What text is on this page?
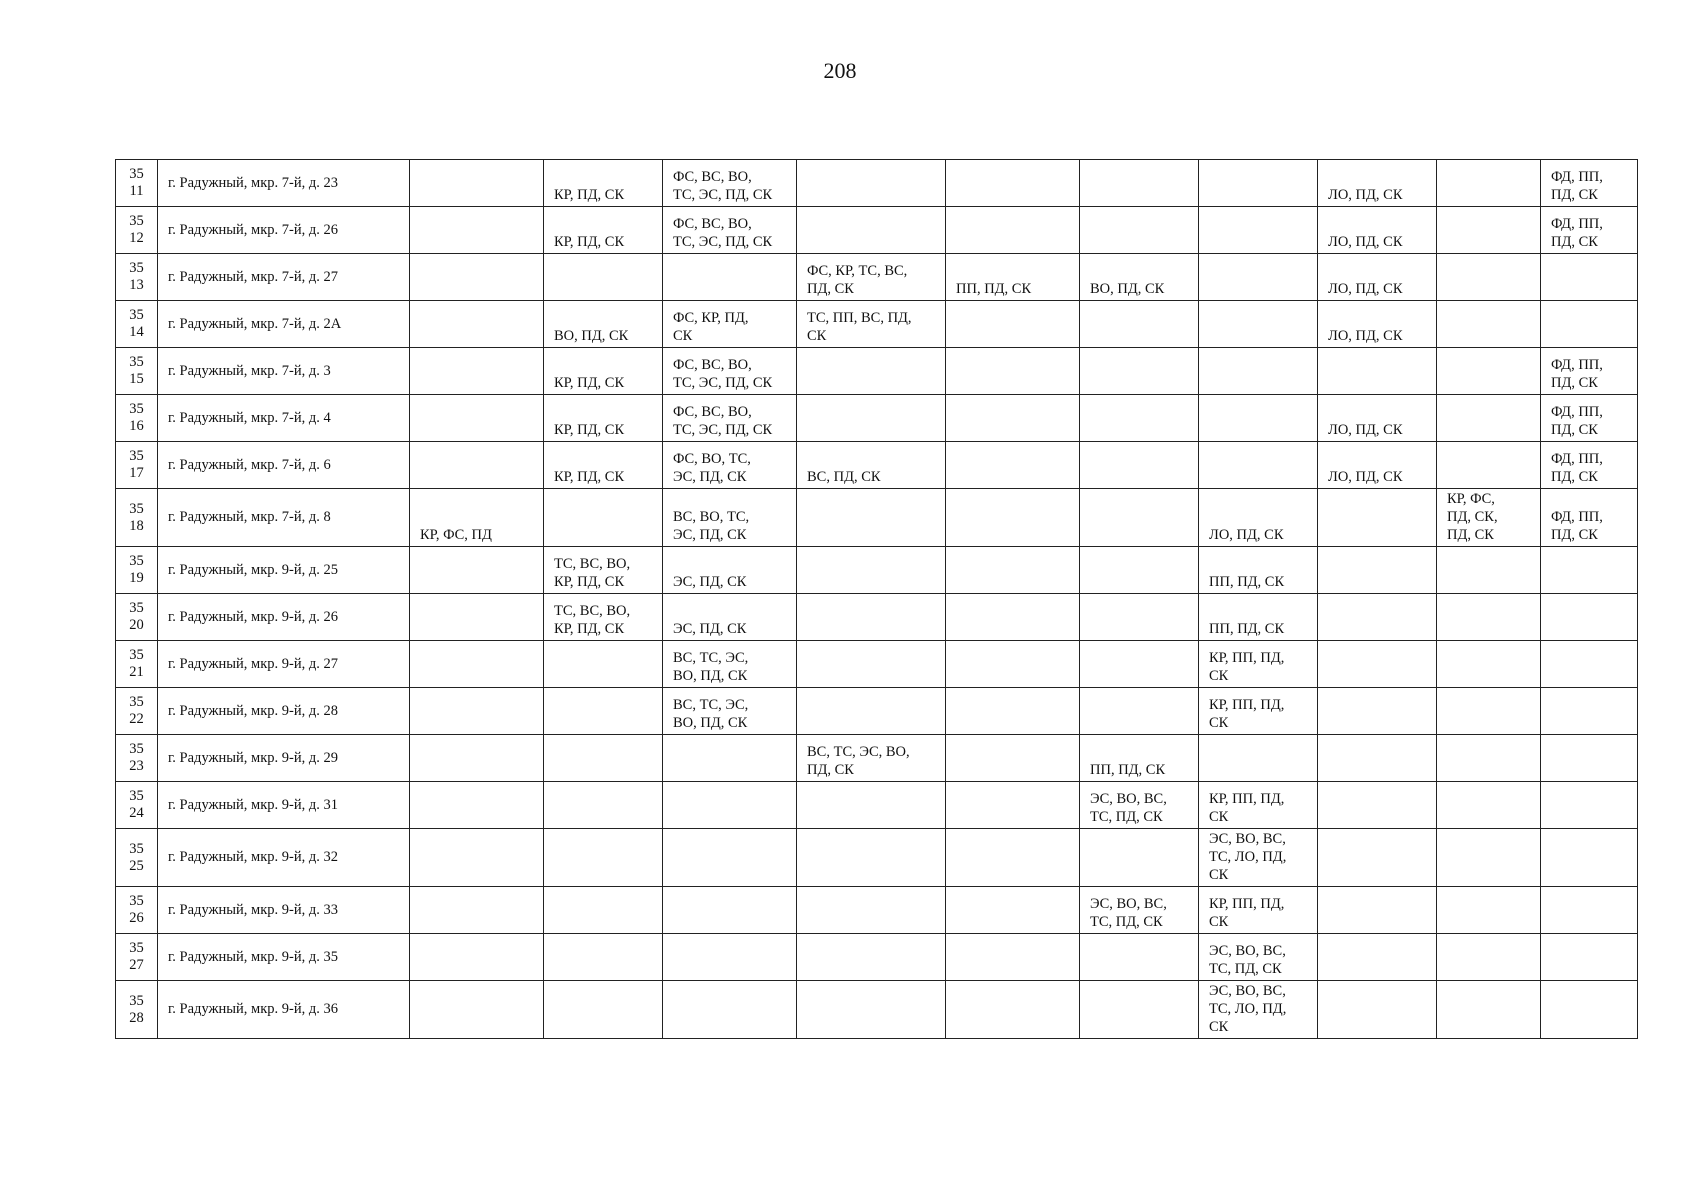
208
35
11	г. Радужный, мкр. 7-й, д. 23		КР, ПД, СК	ФС, ВС, ВО,
ТС, ЭС, ПД, СК					ЛО, ПД, СК		ФД, ПП,
ПД, СК
35
12	г. Радужный, мкр. 7-й, д. 26		КР, ПД, СК	ФС, ВС, ВО,
ТС, ЭС, ПД, СК					ЛО, ПД, СК		ФД, ПП,
ПД, СК
35
13	г. Радужный, мкр. 7-й, д. 27				ФС, КР, ТС, ВС,
ПД, СК	ПП, ПД, СК	ВО, ПД, СК		ЛО, ПД, СК		
35
14	г. Радужный, мкр. 7-й, д. 2А		ВО, ПД, СК	ФС, КР, ПД,
СК	ТС, ПП, ВС, ПД,
СК				ЛО, ПД, СК		
35
15	г. Радужный, мкр. 7-й, д. 3		КР, ПД, СК	ФС, ВС, ВО,
ТС, ЭС, ПД, СК							ФД, ПП,
ПД, СК
35
16	г. Радужный, мкр. 7-й, д. 4		КР, ПД, СК	ФС, ВС, ВО,
ТС, ЭС, ПД, СК					ЛО, ПД, СК		ФД, ПП,
ПД, СК
35
17	г. Радужный, мкр. 7-й, д. 6		КР, ПД, СК	ФС, ВО, ТС,
ЭС, ПД, СК	ВС, ПД, СК				ЛО, ПД, СК		ФД, ПП,
ПД, СК
35
18	г. Радужный, мкр. 7-й, д. 8	КР, ФС, ПД		ВС, ВО, ТС,
ЭС, ПД, СК				ЛО, ПД, СК		КР, ФС,
ПД, СК,
ПД, СК	ФД, ПП,
ПД, СК
35
19	г. Радужный, мкр. 9-й, д. 25		ТС, ВС, ВО,
КР, ПД, СК	ЭС, ПД, СК				ПП, ПД, СК			
35
20	г. Радужный, мкр. 9-й, д. 26		ТС, ВС, ВО,
КР, ПД, СК	ЭС, ПД, СК				ПП, ПД, СК			
35
21	г. Радужный, мкр. 9-й, д. 27			ВС, ТС, ЭС,
ВО, ПД, СК				КР, ПП, ПД,
СК			
35
22	г. Радужный, мкр. 9-й, д. 28			ВС, ТС, ЭС,
ВО, ПД, СК				КР, ПП, ПД,
СК			
35
23	г. Радужный, мкр. 9-й, д. 29				ВС, ТС, ЭС, ВО,
ПД, СК		ПП, ПД, СК				
35
24	г. Радужный, мкр. 9-й, д. 31						ЭС, ВО, ВС,
ТС, ПД, СК	КР, ПП, ПД,
СК			
35
25	г. Радужный, мкр. 9-й, д. 32							ЭС, ВО, ВС,
ТС, ЛО, ПД,
СК			
35
26	г. Радужный, мкр. 9-й, д. 33						ЭС, ВО, ВС,
ТС, ПД, СК	КР, ПП, ПД,
СК			
35
27	г. Радужный, мкр. 9-й, д. 35							ЭС, ВО, ВС,
ТС, ПД, СК			
35
28	г. Радужный, мкр. 9-й, д. 36							ЭС, ВО, ВС,
ТС, ЛО, ПД,
СК			
